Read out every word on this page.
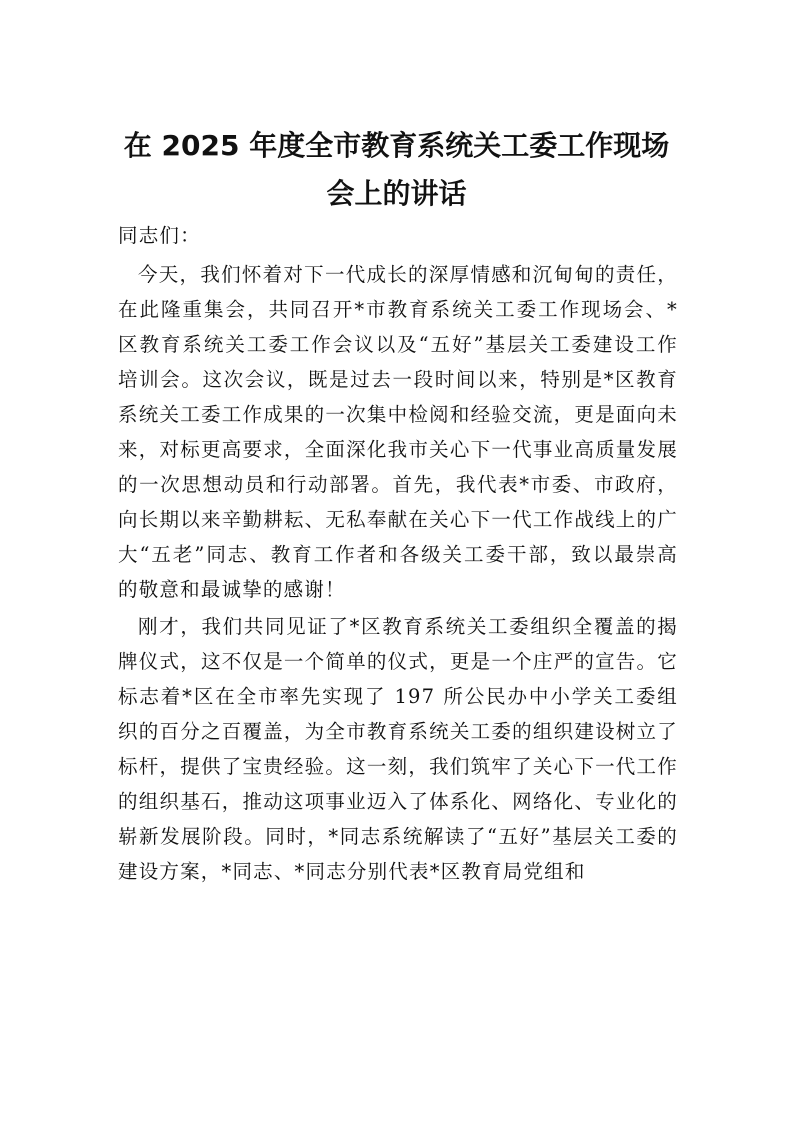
在 2025 年度全市教育系统关工委工作现场
会上的讲话

同志们：

今天，我们怀着对下一代成长的深厚情感和沉甸甸的责任，在此隆重集会，共同召开*市教育系统关工委工作现场会、*区教育系统关工委工作会议以及“五好”基层关工委建设工作培训会。这次会议，既是过去一段时间以来，特别是*区教育系统关工委工作成果的一次集中检阅和经验交流，更是面向未来，对标更高要求，全面深化我市关心下一代事业高质量发展的一次思想动员和行动部署。首先，我代表*市委、市政府，向长期以来辛勤耕耘、无私奉献在关心下一代工作战线上的广大“五老”同志、教育工作者和各级关工委干部，致以最崇高的敬意和最诚挚的感谢！

刚才，我们共同见证了*区教育系统关工委组织全覆盖的揭牌仪式，这不仅是一个简单的仪式，更是一个庄严的宣告。它标志着*区在全市率先实现了 197 所公民办中小学关工委组织的百分之百覆盖，为全市教育系统关工委的组织建设树立了标杆，提供了宝贵经验。这一刻，我们筑牢了关心下一代工作的组织基石，推动这项事业迈入了体系化、网络化、专业化的崭新发展阶段。同时，*同志系统解读了“五好”基层关工委的建设方案，*同志、*同志分别代表*区教育局党组和
